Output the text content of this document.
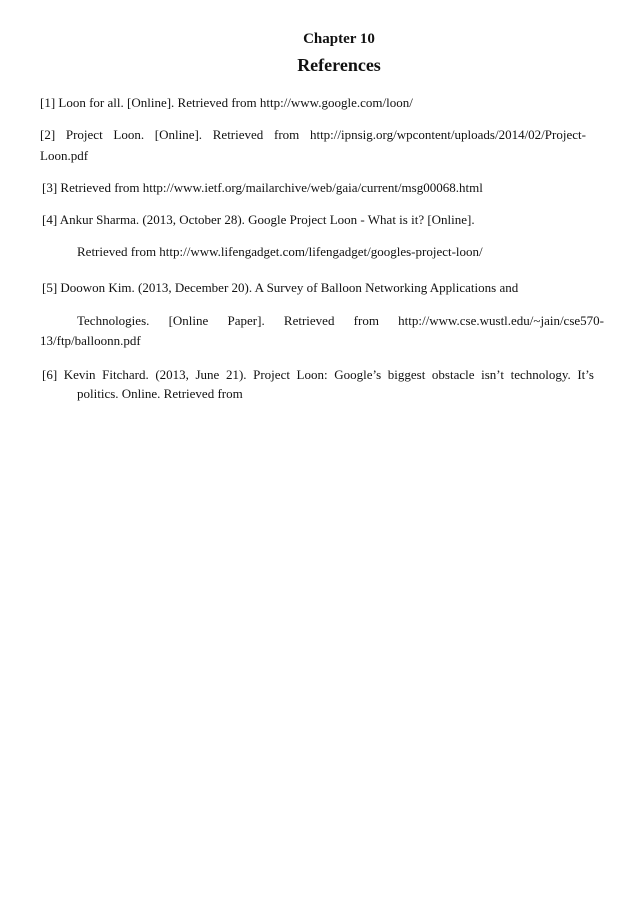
Chapter 10
References
[1] Loon for all. [Online]. Retrieved from http://www.google.com/loon/
[2] Project Loon. [Online]. Retrieved from http://ipnsig.org/wpcontent/uploads/2014/02/Project-
Loon.pdf
[3] Retrieved from http://www.ietf.org/mailarchive/web/gaia/current/msg00068.html
[4] Ankur Sharma. (2013, October 28). Google Project Loon - What is it? [Online].
Retrieved from http://www.lifengadget.com/lifengadget/googles-project-loon/
[5] Doowon Kim. (2013, December 20). A Survey of Balloon Networking Applications and
Technologies. [Online Paper]. Retrieved from http://www.cse.wustl.edu/~jain/cse570-
13/ftp/balloonn.pdf
[6] Kevin Fitchard. (2013, June 21). Project Loon: Google’s biggest obstacle isn’t technology. It’s
politics. Online. Retrieved from
